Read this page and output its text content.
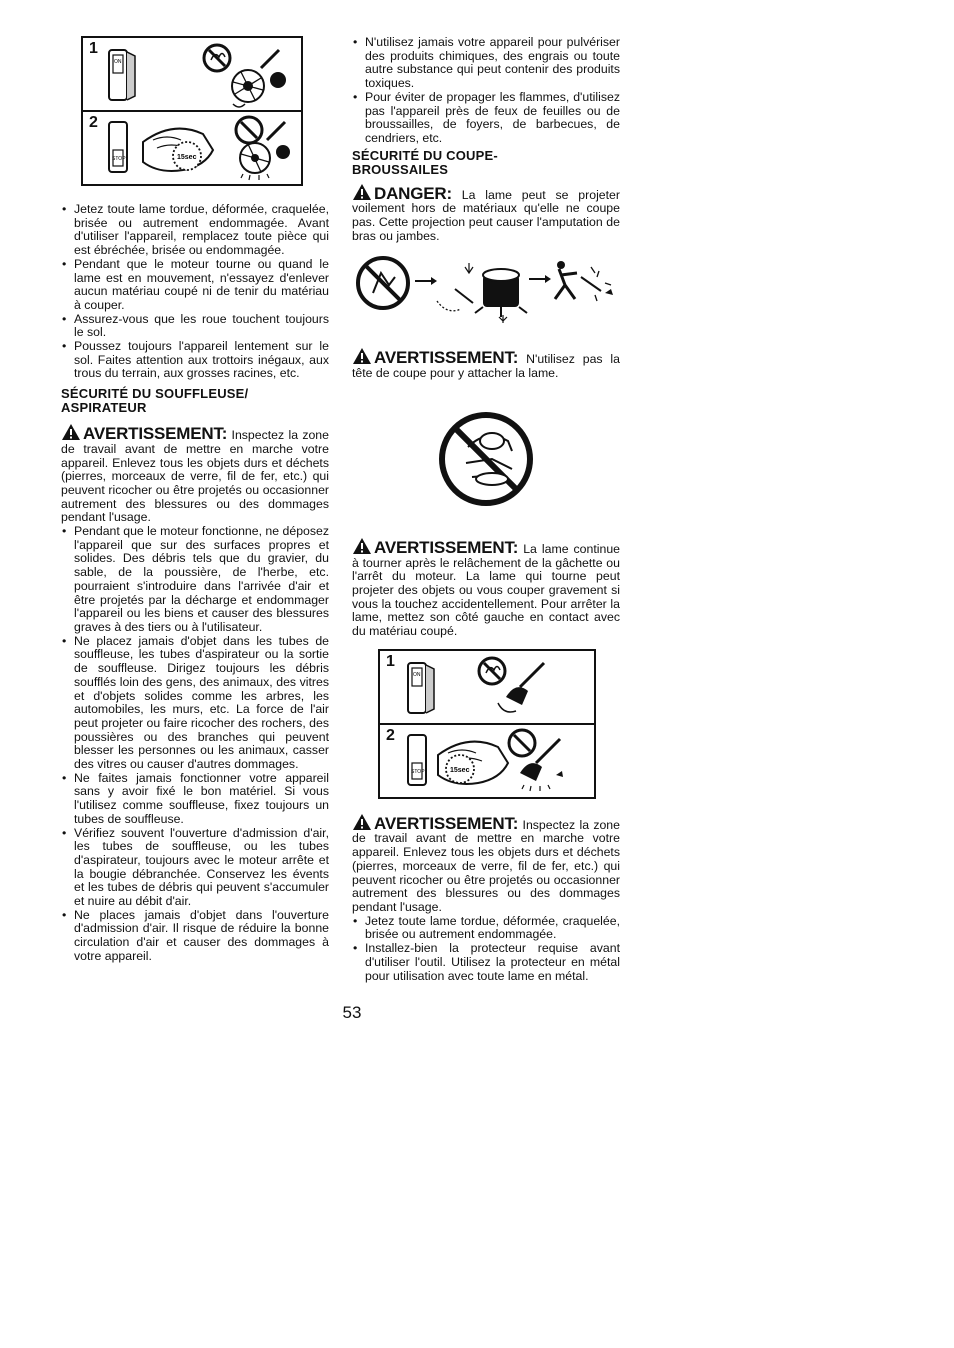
1
ON
2
STOP	15sec
• Jetez toute lame tordue, déformée, craquelée, brisée ou autrement endommagée. Avant d'utiliser l'appareil, remplacez toute pièce qui est ébréchée, brisée ou endommagée.
• Pendant que le moteur tourne ou quand le lame est en mouvement, n'essayez d'enlever aucun matériau coupé ni de tenir du matériau à couper.
• Assurez-vous que les roue touchent toujours le sol.
• Poussez toujours l'appareil lentement sur le sol. Faites attention aux trottoirs inégaux, aux trous du terrain, aux grosses racines, etc.
SÉCURITÉ DU SOUFFLEUSE/ ASPIRATEUR

AVERTISSEMENT: Inspectez la zone de travail avant de mettre en marche votre appareil. Enlevez tous les objets durs et déchets (pierres, morceaux de verre, fil de fer, etc.) qui peuvent ricocher ou être projetés ou occasionner autrement des blessures ou des dommages pendant l'usage.

• Pendant que le moteur fonctionne, ne déposez l'appareil que sur des surfaces propres et solides. Des débris tels que du gravier, du sable, de la poussière, de l'herbe, etc. pourraient s'introduire dans l'arrivée d'air et être projetés par la décharge et endommager l'appareil ou les biens et causer des blessures graves à des tiers ou à l'utilisateur.
• Ne placez jamais d'objet dans les tubes de souffleuse, les tubes d'aspirateur ou la sortie de souffleuse. Dirigez toujours les débris soufflés loin des gens, des animaux, des vitres et d'objets solides comme les arbres, les automobiles, les murs, etc. La force de l'air peut projeter ou faire ricocher des rochers, des poussières ou des branches qui peuvent blesser les personnes ou les animaux, casser des vitres ou causer d'autres dommages.
• Ne faites jamais fonctionner votre appareil sans y avoir fixé le bon matériel. Si vous l'utilisez comme souffleuse, fixez toujours un tubes de souffleuse.
• Vérifiez souvent l'ouverture d'admission d'air, les tubes de souffleuse, ou les tubes d'aspirateur, toujours avec le moteur arrête et la bougie débranchée. Conservez les évents et les tubes de débris qui peuvent s'accumuler et nuire au débit d'air.
• Ne places jamais d'objet dans l'ouverture d'admission d'air. Il risque de réduire la bonne circulation d'air et causer des dommages à votre appareil.
• N'utilisez jamais votre appareil pour pulvériser des produits chimiques, des engrais ou toute autre substance qui peut contenir des produits toxiques.
• Pour éviter de propager les flammes, d'utilisez pas l'appareil près de feux de feuilles ou de broussailles, de foyers, de barbecues, de cendriers, etc.
SÉCURITÉ DU COUPE-BROUSSAILES

DANGER: La lame peut se projeter voilement hors de matériaux qu'elle ne coupe pas. Cette projection peut causer l'amputation de bras ou jambes.

AVERTISSEMENT: N'utilisez pas la tête de coupe pour y attacher la lame.

AVERTISSEMENT: La lame continue à tourner après le relâchement de la gâchette ou l'arrêt du moteur. La lame qui tourne peut projeter des objets ou vous couper gravement si vous la touchez accidentellement. Pour arrêter la lame, mettez son côté gauche en contact avec du matériau coupé.

1
ON
2
STOP	15sec

AVERTISSEMENT: Inspectez la zone de travail avant de mettre en marche votre appareil. Enlevez tous les objets durs et déchets (pierres, morceaux de verre, fil de fer, etc.) qui peuvent ricocher ou être projetés ou occasionner autrement des blessures ou des dommages pendant l'usage.

• Jetez toute lame tordue, déformée, craquelée, brisée ou autrement endommagée.
• Installez-bien la protecteur requise avant d'utiliser l'outil. Utilisez la protecteur en métal pour utilisation avec toute lame en métal.
53
